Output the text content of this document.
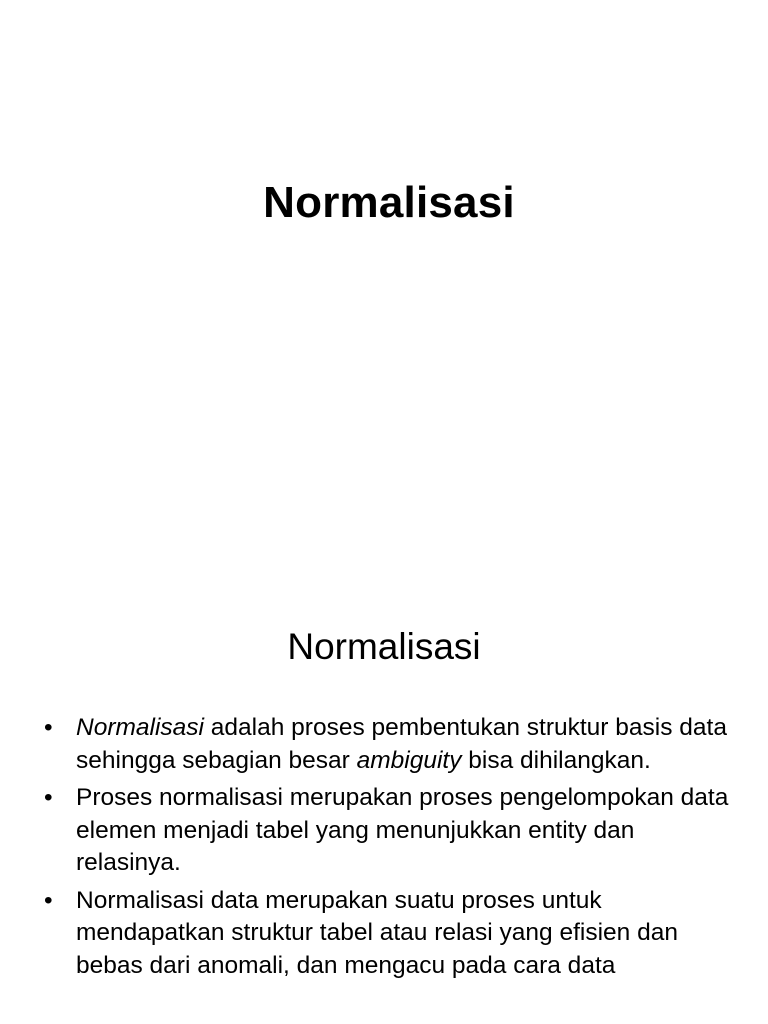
Normalisasi
Normalisasi
• Normalisasi adalah proses pembentukan struktur basis data sehingga sebagian besar ambiguity bisa dihilangkan.
• Proses normalisasi merupakan proses pengelompokan data elemen menjadi tabel yang menunjukkan entity dan relasinya.
• Normalisasi data merupakan suatu proses untuk mendapatkan struktur tabel atau relasi yang efisien dan bebas dari anomali, dan mengacu pada cara data
